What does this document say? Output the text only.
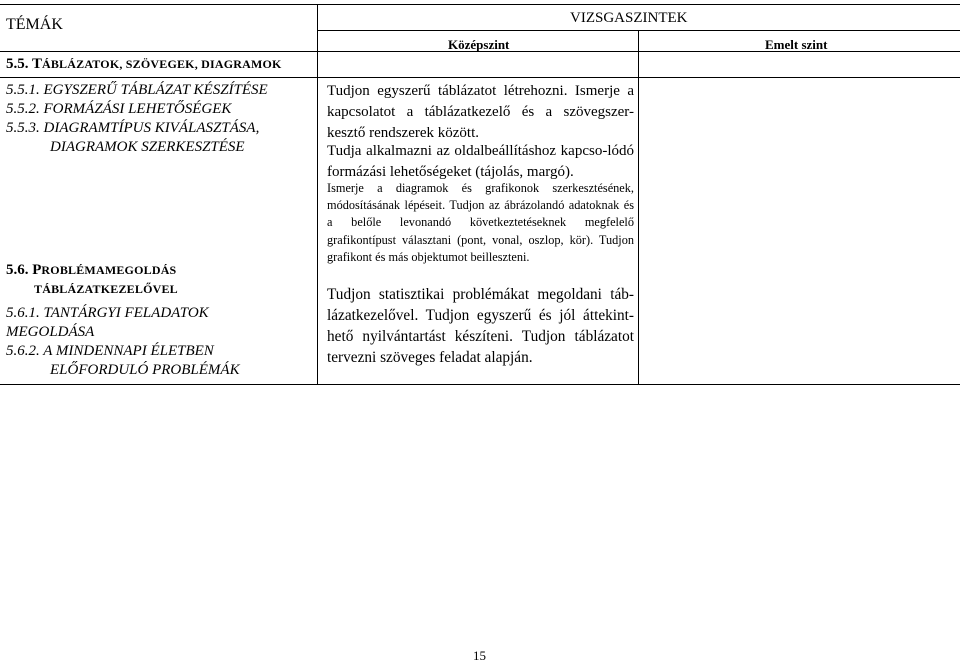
TÉMÁK	VIZSGASZINTEK
Középszint	Emelt szint
5.5. TÁBLÁZATOK, SZÖVEGEK, DIAGRAMOK
5.5.1. EGYSZERŰ TÁBLÁZAT KÉSZÍTÉSE
5.5.2. FORMÁZÁSI LEHETŐSÉGEK
5.5.3. DIAGRAMTÍPUS KIVÁLASZTÁSA,
DIAGRAMOK SZERKESZTÉSE
5.6. PROBLÉMAMEGOLDÁS
TÁBLÁZATKEZELŐVEL
5.6.1. TANTÁRGYI FELADATOK
MEGOLDÁSA
5.6.2. A MINDENNAPI ÉLETBEN
ELŐFORDULÓ PROBLÉMÁK
Tudjon egyszerű táblázatot létrehozni. Ismerje a kapcsolatot a táblázatkezelő és a szövegszer-kesztő rendszerek között.
Tudja alkalmazni az oldalbeállításhoz kapcso-lódó formázási lehetőségeket (tájolás, margó).
Ismerje a diagramok és grafikonok szerkesztésének, módosításának lépéseit. Tudjon az ábrázolandó adatoknak és a belőle levonandó következtetéseknek megfelelő grafikontípust választani (pont, vonal, oszlop, kör). Tudjon grafikont és más objektumot beilleszteni.
Tudjon statisztikai problémákat megoldani táb-lázatkezelővel. Tudjon egyszerű és jól áttekint-hető nyilvántartást készíteni. Tudjon táblázatot tervezni szöveges feladat alapján.
15
